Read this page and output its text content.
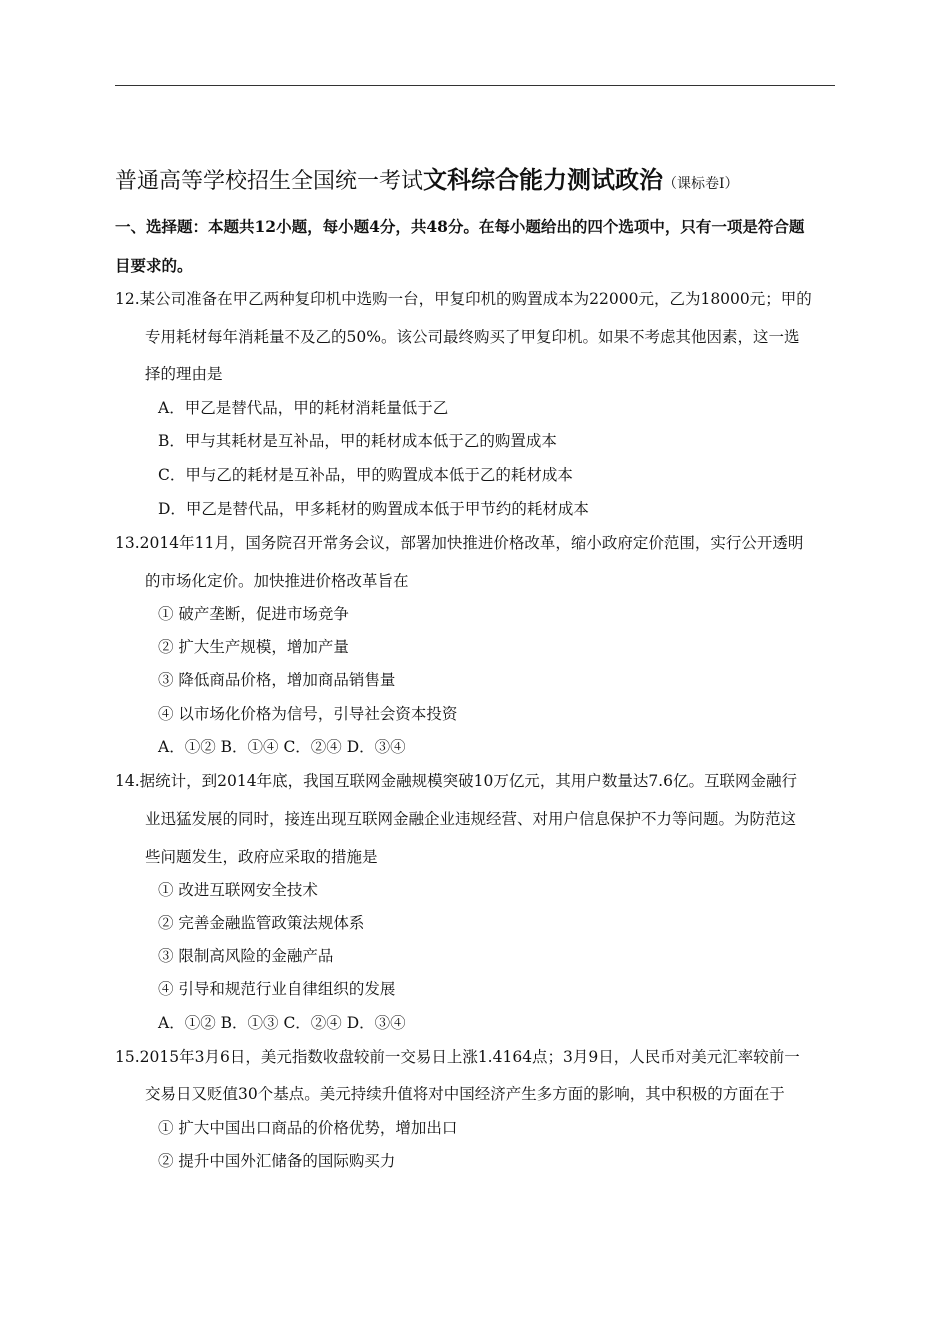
普通高等学校招生全国统一考试文科综合能力测试政治（课标卷Ⅰ）
一、选择题：本题共12小题，每小题4分，共48分。在每小题给出的四个选项中，只有一项是符合题
目要求的。
12.某公司准备在甲乙两种复印机中选购一台，甲复印机的购置成本为22000元，乙为18000元；甲的
专用耗材每年消耗量不及乙的50%。该公司最终购买了甲复印机。如果不考虑其他因素，这一选
择的理由是
A．甲乙是替代品，甲的耗材消耗量低于乙
B．甲与其耗材是互补品，甲的耗材成本低于乙的购置成本
C．甲与乙的耗材是互补品，甲的购置成本低于乙的耗材成本
D．甲乙是替代品，甲多耗材的购置成本低于甲节约的耗材成本
13.2014年11月，国务院召开常务会议，部署加快推进价格改革，缩小政府定价范围，实行公开透明
的市场化定价。加快推进价格改革旨在
① 破产垄断，促进市场竞争
② 扩大生产规模，增加产量
③ 降低商品价格，增加商品销售量
④ 以市场化价格为信号，引导社会资本投资
A．①② B．①④ C．②④ D．③④
14.据统计，到2014年底，我国互联网金融规模突破10万亿元，其用户数量达7.6亿。互联网金融行
业迅猛发展的同时，接连出现互联网金融企业违规经营、对用户信息保护不力等问题。为防范这
些问题发生，政府应采取的措施是
① 改进互联网安全技术
② 完善金融监管政策法规体系
③ 限制高风险的金融产品
④ 引导和规范行业自律组织的发展
A．①② B．①③ C．②④ D．③④
15.2015年3月6日，美元指数收盘较前一交易日上涨1.4164点；3月9日，人民币对美元汇率较前一
交易日又贬值30个基点。美元持续升值将对中国经济产生多方面的影响，其中积极的方面在于
① 扩大中国出口商品的价格优势，增加出口
② 提升中国外汇储备的国际购买力
